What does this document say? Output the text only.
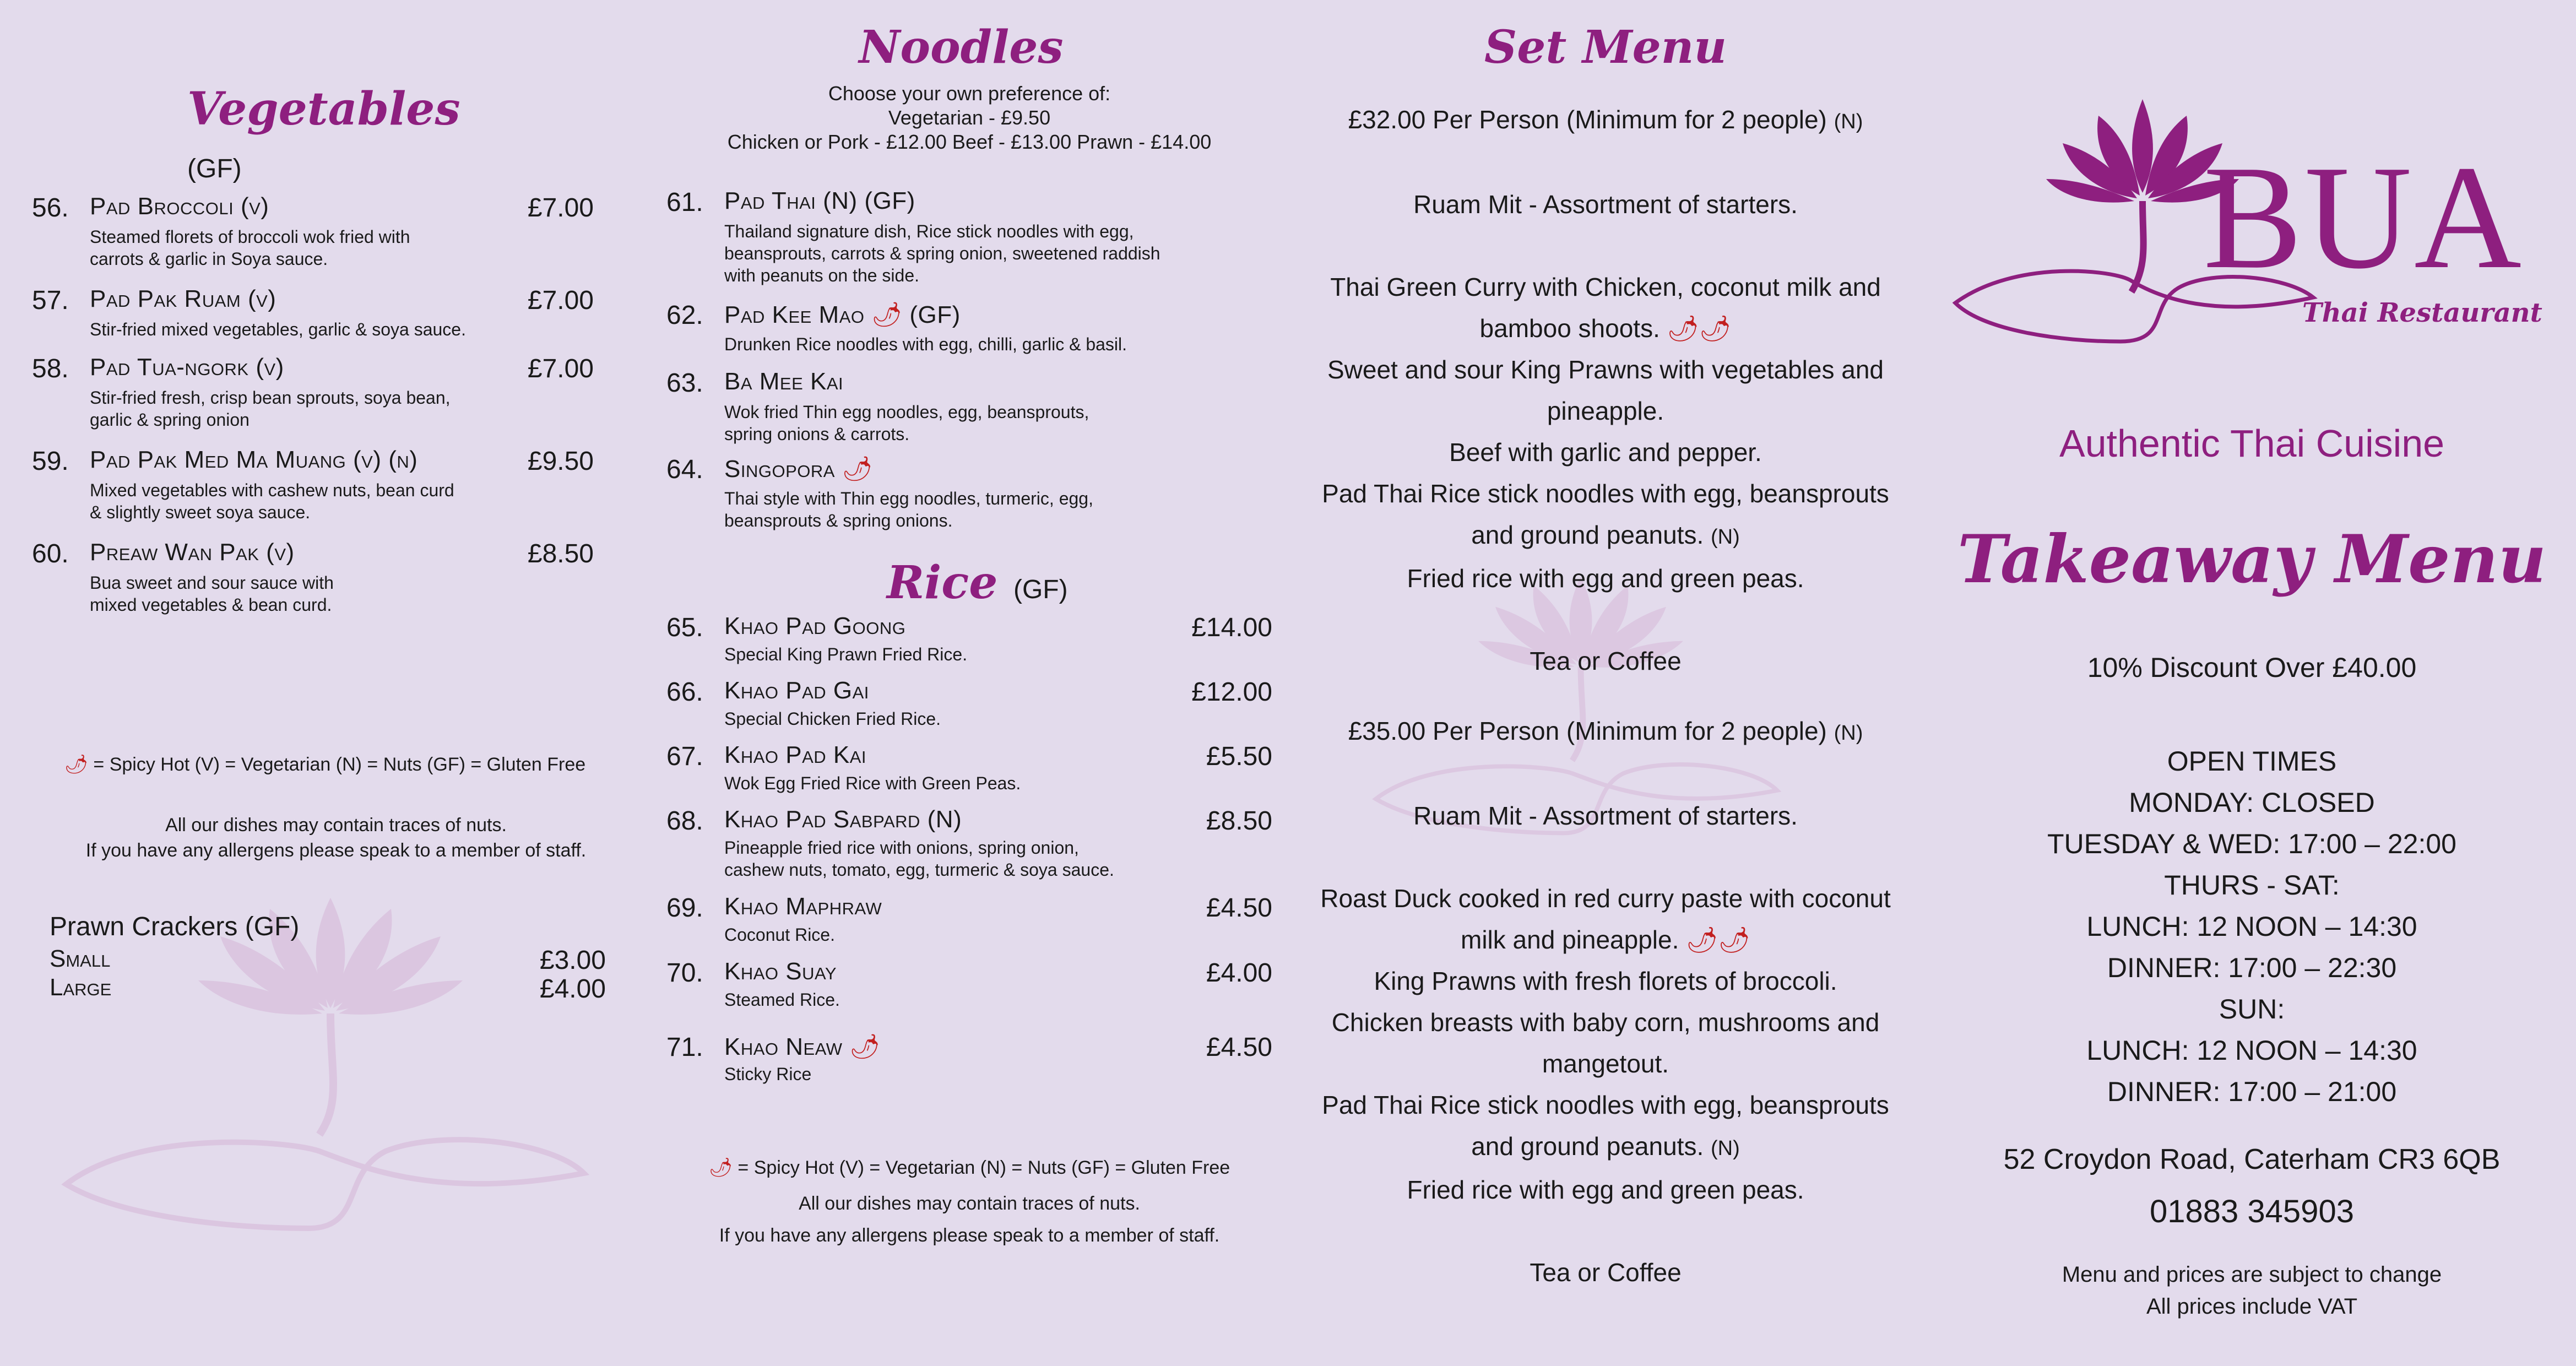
Vegetables (GF)
56. Pad Broccoli (v)	£7.00
Steamed florets of broccoli wok fried with
carrots & garlic in Soya sauce.
57. Pad Pak Ruam (v)	£7.00
Stir-fried mixed vegetables, garlic & soya sauce.
58. Pad Tua-ngork (v)	£7.00
Stir-fried fresh, crisp bean sprouts, soya bean,
garlic & spring onion
59. Pad Pak Med Ma Muang (v) (n)	£9.50
Mixed vegetables with cashew nuts, bean curd
& slightly sweet soya sauce.
60. Preaw Wan Pak (v)	£8.50
Bua sweet and sour sauce with
mixed vegetables & bean curd.
🌶 = Spicy Hot (V) = Vegetarian (N) = Nuts (GF) = Gluten Free
All our dishes may contain traces of nuts.
If you have any allergens please speak to a member of staff.
Prawn Crackers (GF)
Small	£3.00
Large	£4.00
Noodles
Choose your own preference of:
Vegetarian - £9.50
Chicken or Pork - £12.00 Beef - £13.00 Prawn - £14.00
61. Pad Thai (N) (GF)
Thailand signature dish, Rice stick noodles with egg,
beansprouts, carrots & spring onion, sweetened raddish
with peanuts on the side.
62. Pad Kee Mao 🌶 (GF)
Drunken Rice noodles with egg, chilli, garlic & basil.
63. Ba Mee Kai
Wok fried Thin egg noodles, egg, beansprouts,
spring onions & carrots.
64. Singopora 🌶
Thai style with Thin egg noodles, turmeric, egg,
beansprouts & spring onions.
Rice (GF)
65. Khao Pad Goong	£14.00
Special King Prawn Fried Rice.
66. Khao Pad Gai	£12.00
Special Chicken Fried Rice.
67. Khao Pad Kai	£5.50
Wok Egg Fried Rice with Green Peas.
68. Khao Pad Sabpard (N)	£8.50
Pineapple fried rice with onions, spring onion,
cashew nuts, tomato, egg, turmeric & soya sauce.
69. Khao Maphraw	£4.50
Coconut Rice.
70. Khao Suay	£4.00
Steamed Rice.
71. Khao Neaw 🌶	£4.50
Sticky Rice
🌶 = Spicy Hot (V) = Vegetarian (N) = Nuts (GF) = Gluten Free
All our dishes may contain traces of nuts.
If you have any allergens please speak to a member of staff.
Set Menu
£32.00 Per Person (Minimum for 2 people) (N)
Ruam Mit - Assortment of starters.
Thai Green Curry with Chicken, coconut milk and
bamboo shoots. 🌶🌶
Sweet and sour King Prawns with vegetables and
pineapple.
Beef with garlic and pepper.
Pad Thai Rice stick noodles with egg, beansprouts
and ground peanuts. (N)
Fried rice with egg and green peas.
Tea or Coffee
£35.00 Per Person (Minimum for 2 people) (N)
Ruam Mit - Assortment of starters.
Roast Duck cooked in red curry paste with coconut
milk and pineapple. 🌶🌶
King Prawns with fresh florets of broccoli.
Chicken breasts with baby corn, mushrooms and
mangetout.
Pad Thai Rice stick noodles with egg, beansprouts
and ground peanuts. (N)
Fried rice with egg and green peas.
Tea or Coffee
BUA
Thai Restaurant
Authentic Thai Cuisine
Takeaway Menu
10% Discount Over £40.00
OPEN TIMES
MONDAY: CLOSED
TUESDAY & WED: 17:00 – 22:00
THURS - SAT:
LUNCH: 12 NOON – 14:30
DINNER: 17:00 – 22:30
SUN:
LUNCH: 12 NOON – 14:30
DINNER: 17:00 – 21:00
52 Croydon Road, Caterham CR3 6QB
01883 345903
Menu and prices are subject to change
All prices include VAT
